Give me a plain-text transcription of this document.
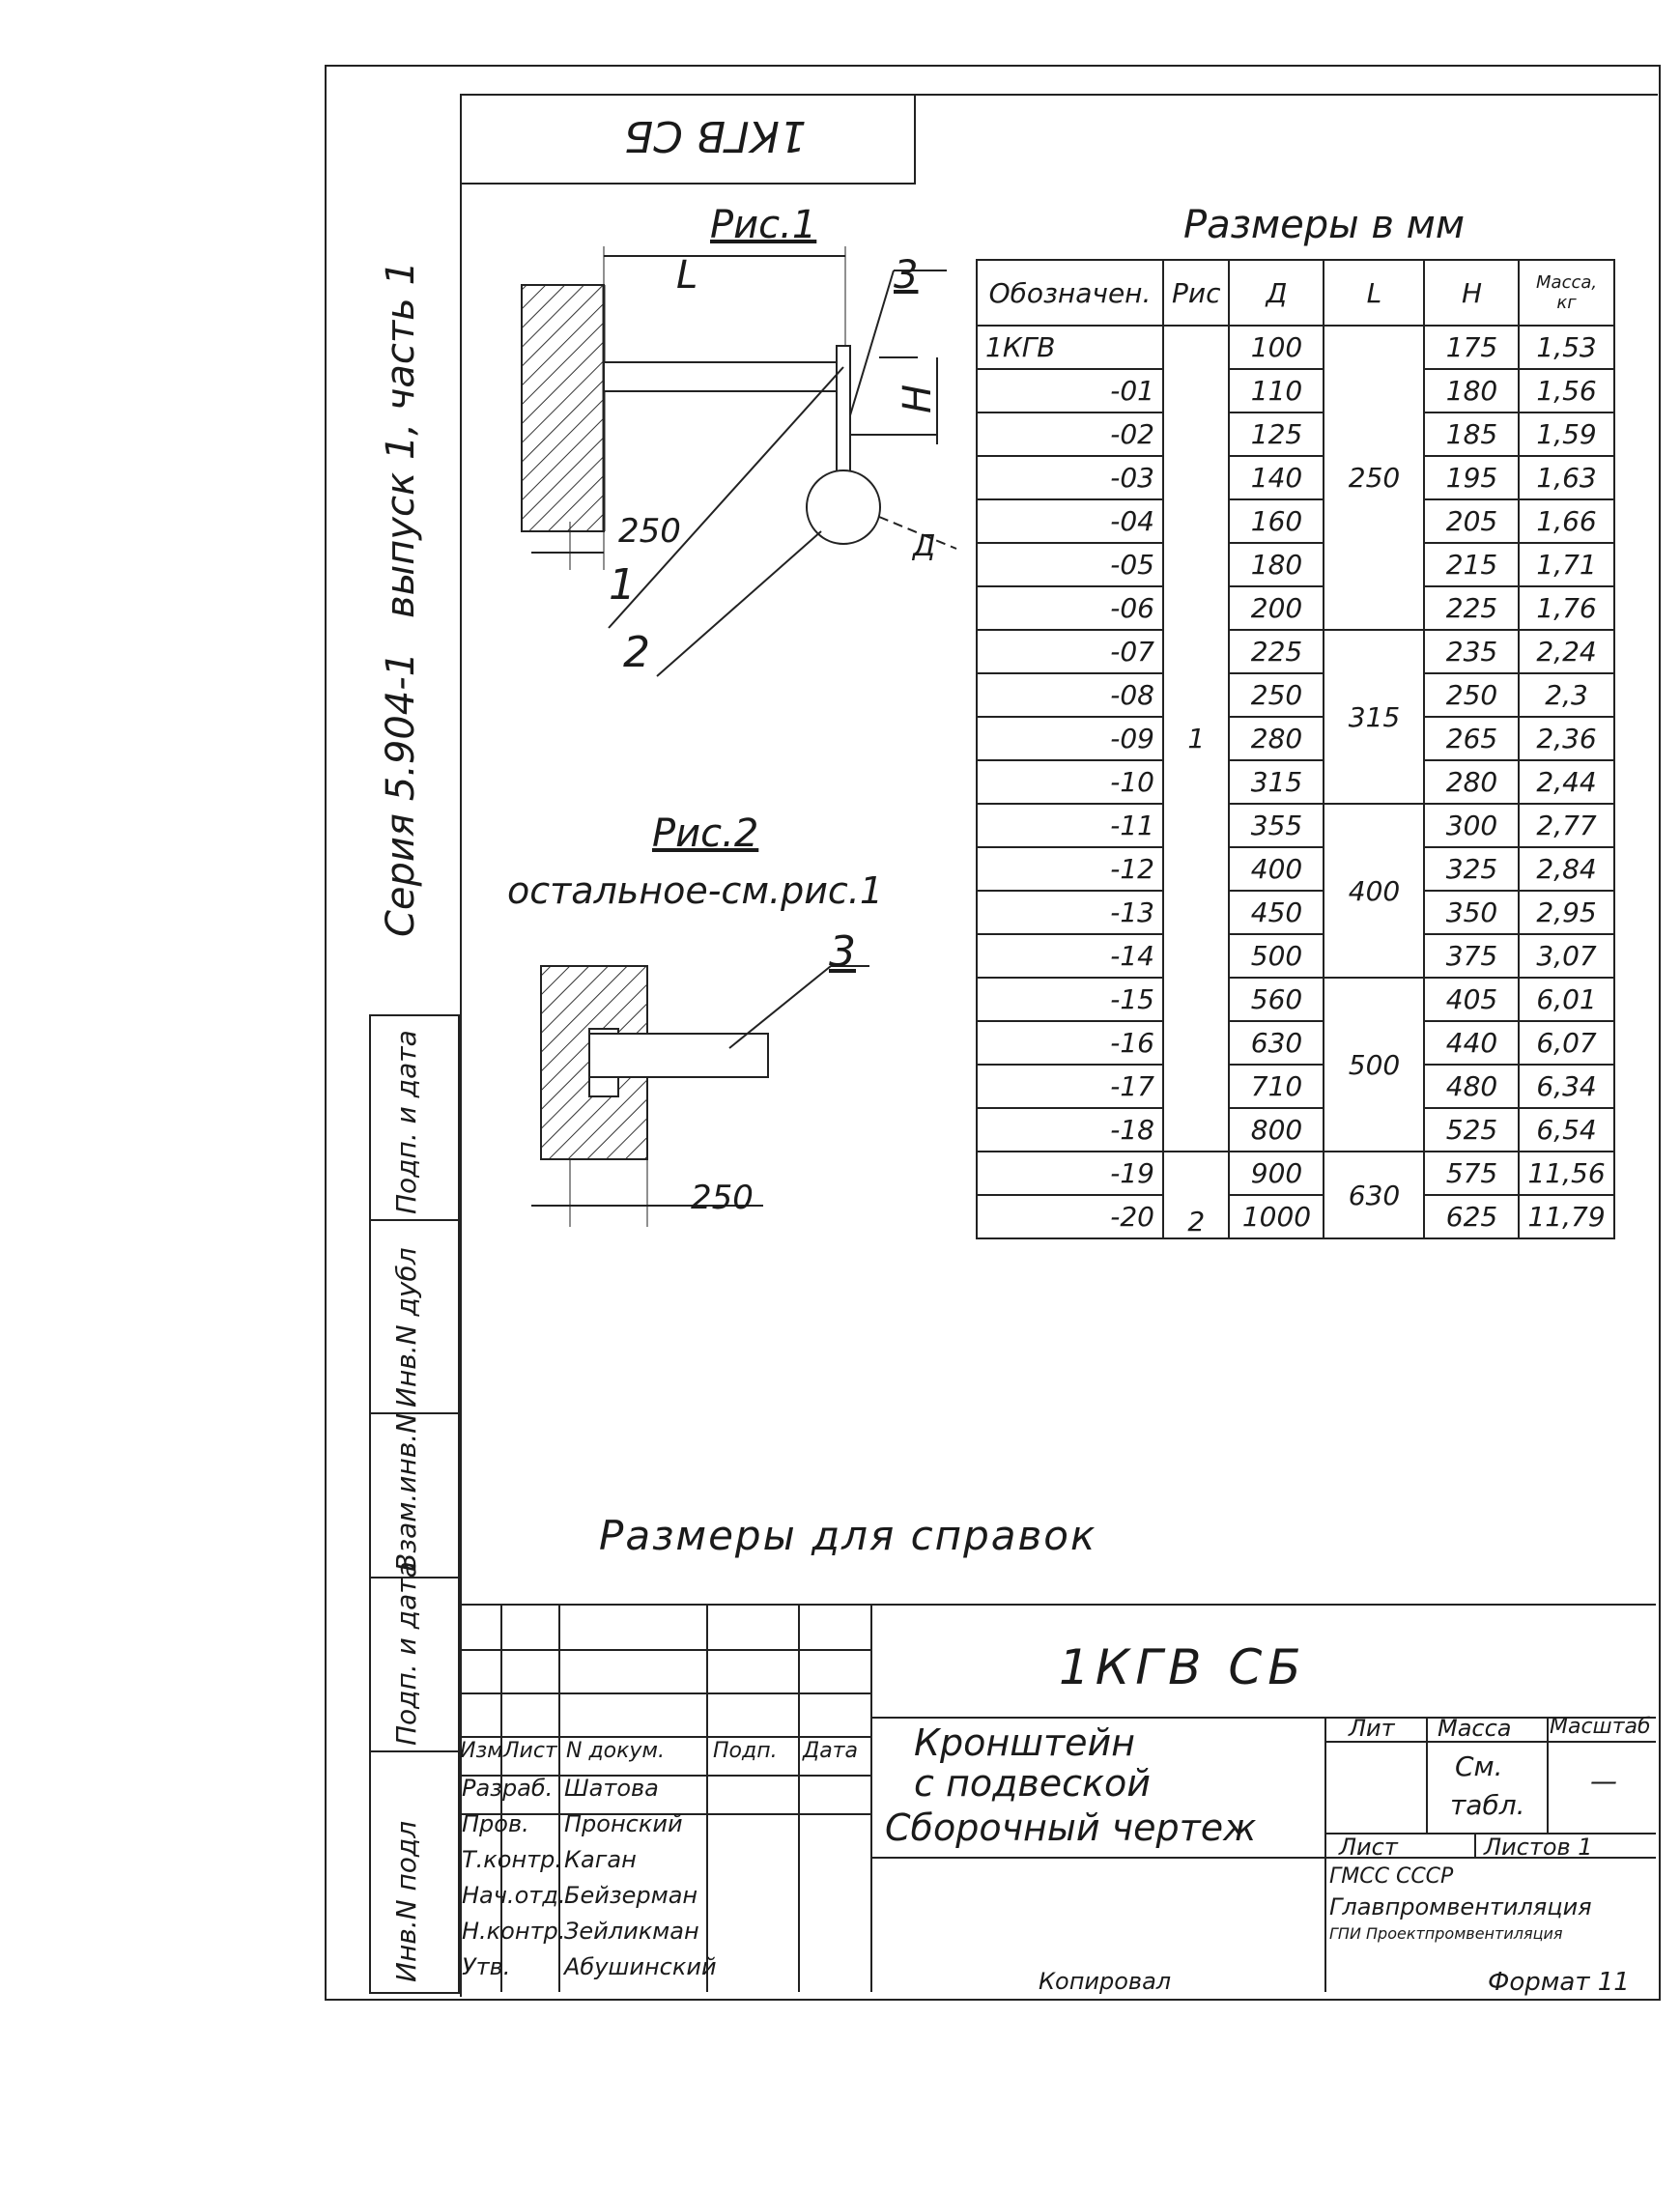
1КГВ СБ
Серия 5.904-1
выпуск 1, часть 1
Рис.1
L	3
H
250
1
2
Д
Рис.2
остальное-см.рис.1
3
250
Размеры в мм
Обозначен.	Рис	Д	L	H	Масса, кг
1КГВ	1	100	250	175	1,53
-01		110		180	1,56
-02		125		185	1,59
-03		140		195	1,63
-04		160		205	1,66
-05		180		215	1,71
-06		200		225	1,76
-07		225	315	235	2,24
-08		250		250	2,3
-09		280		265	2,36
-10		315		280	2,44
-11		355	400	300	2,77
-12		400		325	2,84
-13		450		350	2,95
-14		500		375	3,07
-15		560	500	405	6,01
-16		630		440	6,07
-17		710		480	6,34
-18		800		525	6,54
-19	2	900	630	575	11,56
-20		1000		625	11,79
Размеры для справок
Инв.N подл
Подп. и дата
Взам.инв.N
Инв.N дубл
Подп. и дата
Изм Лист N докум. Подп. Дата
Разраб. Шатова
Пров. Пронский
Т.контр. Каган
Нач.отд.
Бейзерман
Н.контр.
Зейликман
Утв. Абушинский
1КГВ СБ
Кронштейн
с подвеской
Сборочный чертеж
Лит Масса Масштаб
См.
табл.
—
Лист	Листов 1
ГМСС СССР
Главпромвентиляция
ГПИ Проектпромвентиляция
Копировал	Формат 11
